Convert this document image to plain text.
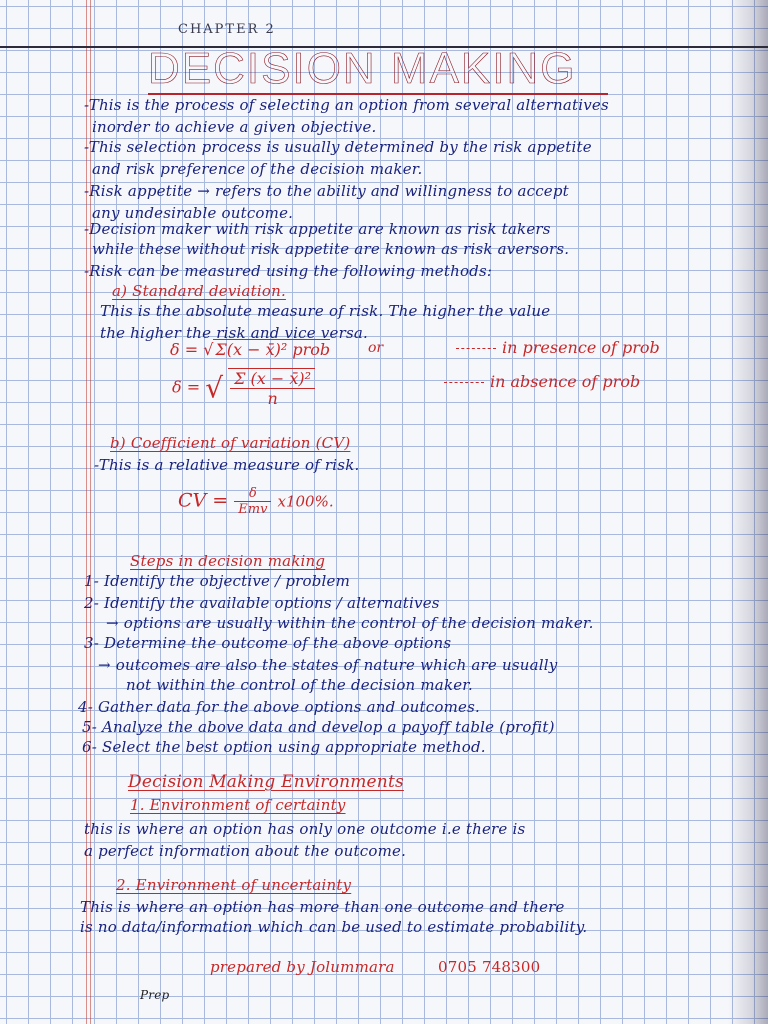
CHAPTER 2
DECISION MAKING
-This is the process of selecting an option from several alternatives
inorder to achieve a given objective.
-This selection process is usually determined by the risk appetite
and risk preference of the decision maker.
-Risk appetite → refers to the ability and willingness to accept
any undesirable outcome.
-Decision maker with risk appetite are known as risk takers
while these without risk appetite are known as risk aversors.
-Risk can be measured using the following methods:
a) Standard deviation.
This is the absolute measure of risk. The higher the value
the higher the risk and vice versa.
δ = √ Σ(x − x̄)² prob	or	in presence of prob
δ = √ $\frac{\text{Σ (x − x̄)²}}{n}$	in absence of prob
b) Coefficient of variation (CV)
-This is a relative measure of risk.
CV = $\frac{\delta}{\text{Emv}} x100\%$.
Steps in decision making
1- Identify the objective / problem
2- Identify the available options / alternatives
→ options are usually within the control of the decision maker.
3- Determine the outcome of the above options
→ outcomes are also the states of nature which are usually
not within the control of the decision maker.
4- Gather data for the above options and outcomes.
5- Analyze the above data and develop a payoff table (profit)
6- Select the best option using appropriate method.
Decision Making Environments
1. Environment of certainty
this is where an option has only one outcome i.e there is
a perfect information about the outcome.
2. Environment of uncertainty
This is where an option has more than one outcome and there
is no data/information which can be used to estimate probability.
prepared by Jolummara	0705 748300
Prep
